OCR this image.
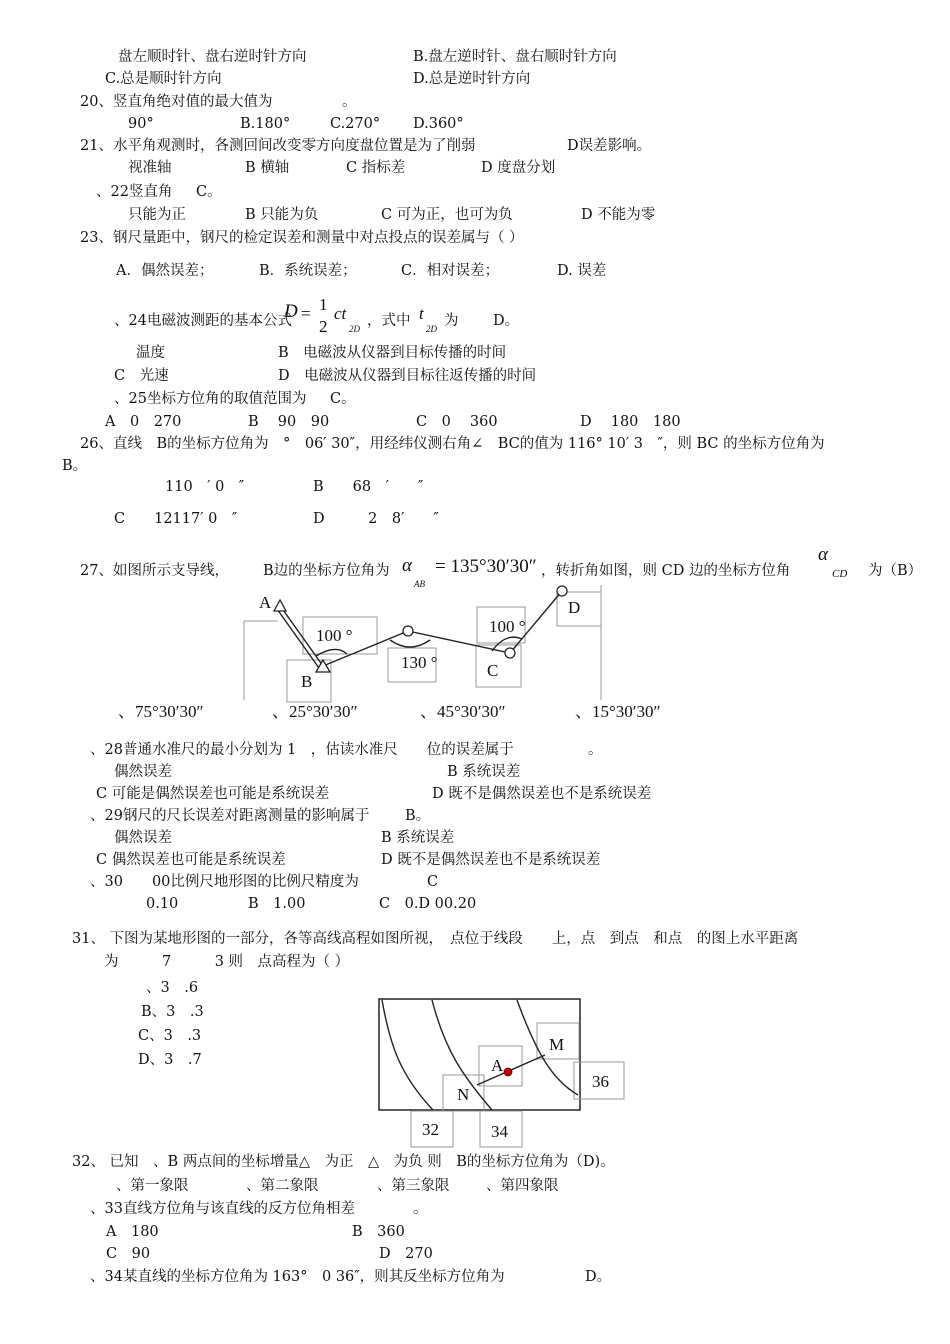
盘左顺时针、盘右逆时针方向	B.盘左逆时针、盘右顺时针方向
C.总是顺时针方向	D.总是逆时针方向
20、竖直角绝对值的最大值为	。
90°	B.180°	C.270° D.360°
21、水平角观测时，各测回间改变零方向度盘位置是为了削弱	D误差影响。
视准轴	B 横轴	C 指标差	D 度盘分划
、22竖直角 C。
只能为正	B 只能为负	C 可为正，也可为负	D 不能为零
23、钢尺量距中，钢尺的检定误差和测量中对点投点的误差属与（ ）
A．偶然误差；	B．系统误差；	C．相对误差；	D. 误差
、24电磁波测距的基本公式	，式中 为 D。
温度	B　电磁波从仪器到目标传播的时间
C　光速	D　电磁波从仪器到目标往返传播的时间
、25坐标方位角的取值范围为 C。
A　0　270	B　 90　90	C　0　 360	D　 180　180
26、直线　B的坐标方位角为　°　06′ 30″，用经纬仪测右角∠　BC的值为 116° 10′ 3　″，则 BC 的坐标方位角为
B。
110　′ 0　″	B　　68　′　　″
C　　12117′ 0　″	D　　　2　8′　　″
27、如图所示支导线， B边的坐标方位角为	，转折角如图，则 CD 边的坐标方位角	为（B）
、28普通水准尺的最小分划为 1　，估读水准尺　　位的误差属于	。
偶然误差	B 系统误差
C 可能是偶然误差也可能是系统误差	D 既不是偶然误差也不是系统误差
、29钢尺的尺长误差对距离测量的影响属于 B。
偶然误差	B 系统误差
C 偶然误差也可能是系统误差	D 既不是偶然误差也不是系统误差
、30　　00比例尺地形图的比例尺精度为	C
0.10	B　1.00	C　0.D 00.20
31、 下图为某地形图的一部分，各等高线高程如图所视，　点位于线段　　上，点　到点　和点　的图上水平距离
为　　　7　　　3 则　点高程为（ ）
、3　.6
B、3　.3
C、3　.3
D、3　.7
32、 已知　、B 两点间的坐标增量△　为正　△　为负 则　B的坐标方位角为（D)。
、第一象限	、第二象限	、第三象限	、第四象限
、33直线方位角与该直线的反方位角相差	。
A　180	B　360
C　90	D　270
、34某直线的坐标方位角为 163°　0 36″，则其反坐标方位角为	D。
D = 1
2
ct
2D
t
2D
α
AB
= 135°30′30″
α
CD
A
B
C
D
100 °
130 °
100 °
、75°30′30″	、25°30′30″	、45°30′30″	、15°30′30″
M
A
N
36
32	34
